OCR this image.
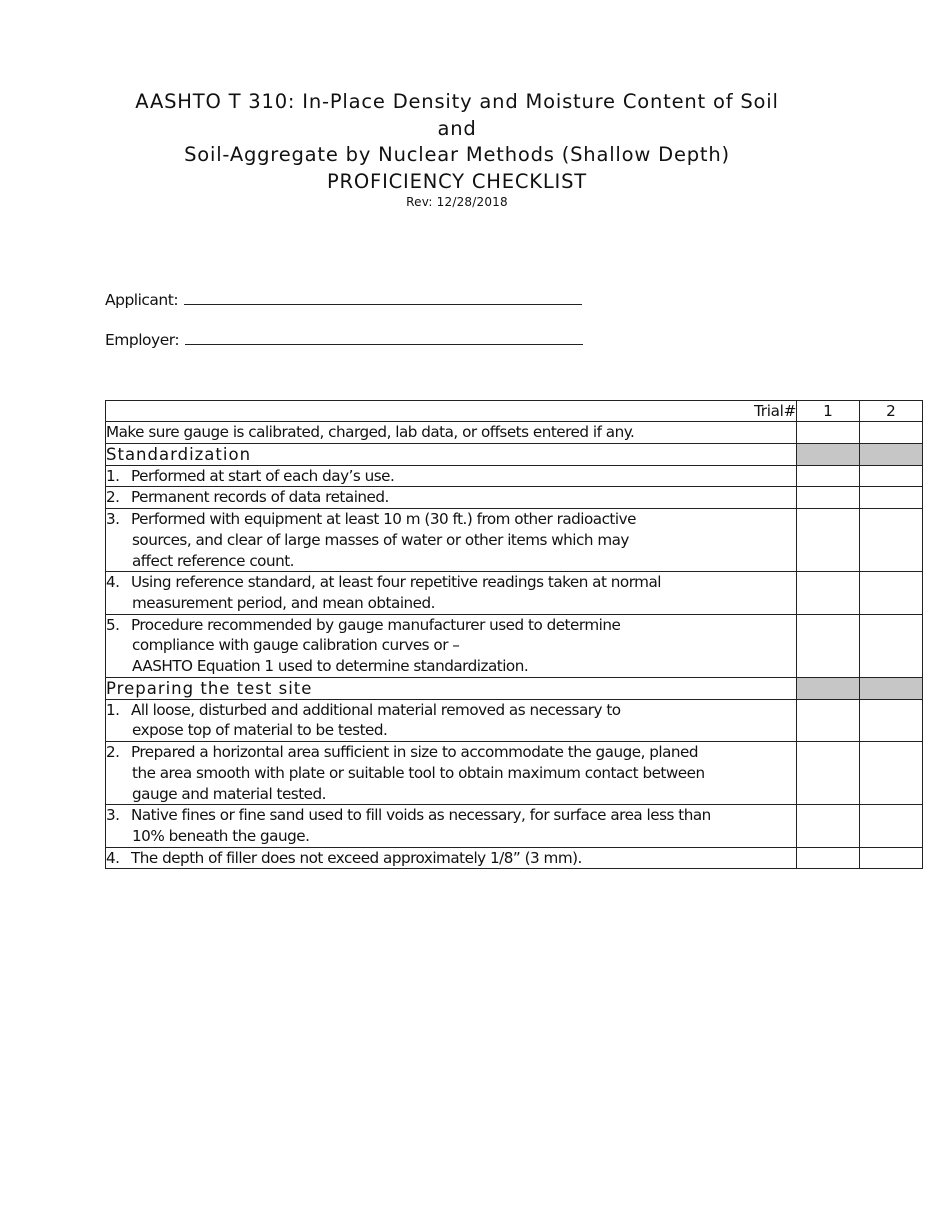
AASHTO T 310: In-Place Density and Moisture Content of Soil
and
Soil-Aggregate by Nuclear Methods (Shallow Depth)
PROFICIENCY CHECKLIST
Rev: 12/28/2018
Applicant:
Employer:
Trial#	1	2
Make sure gauge is calibrated, charged, lab data, or offsets entered if any.		
Standardization		
1. Performed at start of each day’s use.		
2. Permanent records of data retained.		
3. Performed with equipment at least 10 m (30 ft.) from other radioactive
sources, and clear of large masses of water or other items which may
affect reference count.		

4. Using reference standard, at least four repetitive readings taken at normal
measurement period, and mean obtained.		

5. Procedure recommended by gauge manufacturer used to determine
compliance with gauge calibration curves or –
AASHTO Equation 1 used to determine standardization.		

Preparing the test site		
1. All loose, disturbed and additional material removed as necessary to
expose top of material to be tested.		

2. Prepared a horizontal area sufficient in size to accommodate the gauge, planed
the area smooth with plate or suitable tool to obtain maximum contact between
gauge and material tested.		

3. Native fines or fine sand used to fill voids as necessary, for surface area less than
10% beneath the gauge.		

4. The depth of filler does not exceed approximately 1/8” (3 mm).		
